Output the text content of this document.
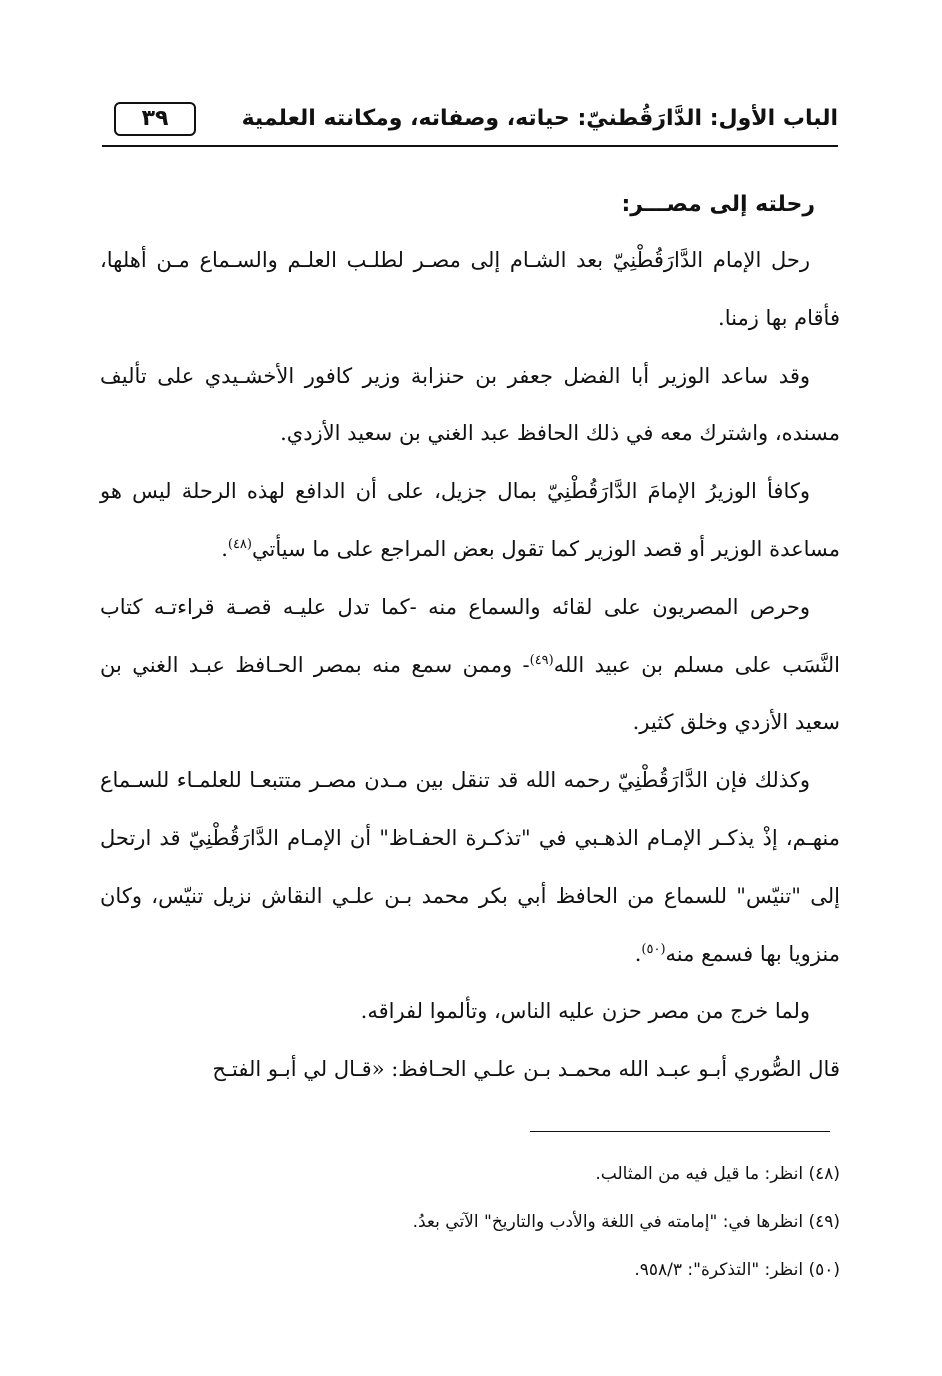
الباب الأول: الدَّارَقُطنيّ: حياته، وصفاته، ومكانته العلمية
٣٩
رحلته إلى مصـــر:

رحل الإمام الدَّارَقُطْنِيّ بعد الشـام إلى مصـر لطلـب العلـم والسـماع مـن أهلها، فأقام بها زمنا.

وقد ساعد الوزير أبا الفضل جعفر بن حنزابة وزير كافور الأخشـيدي على تأليف مسنده، واشترك معه في ذلك الحافظ عبد الغني بن سعيد الأزدي.

وكافأ الوزيرُ الإمامَ الدَّارَقُطْنِيّ بمال جزيل، على أن الدافع لهذه الرحلة ليس هو مساعدة الوزير أو قصد الوزير كما تقول بعض المراجع على ما سيأتي$^{(٤٨)}$.

وحرص المصريون على لقائه والسماع منه -كما تدل عليـه قصـة قراءتـه كتاب النَّسَب على مسلم بن عبيد الله$^{(٤٩)}$- وممن سمع منه بمصر الحـافظ عبـد الغني بن سعيد الأزدي وخلق كثير.

وكذلك فإن الدَّارَقُطْنِيّ رحمه الله قد تنقل بين مـدن مصـر متتبعـا للعلمـاء للسـماع منهـم، إذْ يذكـر الإمـام الذهـبي في "تذكـرة الحفـاظ" أن الإمـام الدَّارَقُطْنِيّ قد ارتحل إلى "تنيّس" للسماع من الحافظ أبي بكر محمد بـن علـي النقاش نزيل تنيّس، وكان منزويا بها فسمع منه$^{(٥٠)}$.

ولما خرج من مصر حزن عليه الناس، وتألموا لفراقه.

قال الصُّوري أبـو عبـد الله محمـد بـن علـي الحـافظ: «قـال لي أبـو الفتـح

(٤٨) انظر: ما قيل فيه من المثالب.
(٤٩) انظرها في: "إمامته في اللغة والأدب والتاريخ" الآتي بعدُ.
(٥٠) انظر: "التذكرة": ٩٥٨/٣.
